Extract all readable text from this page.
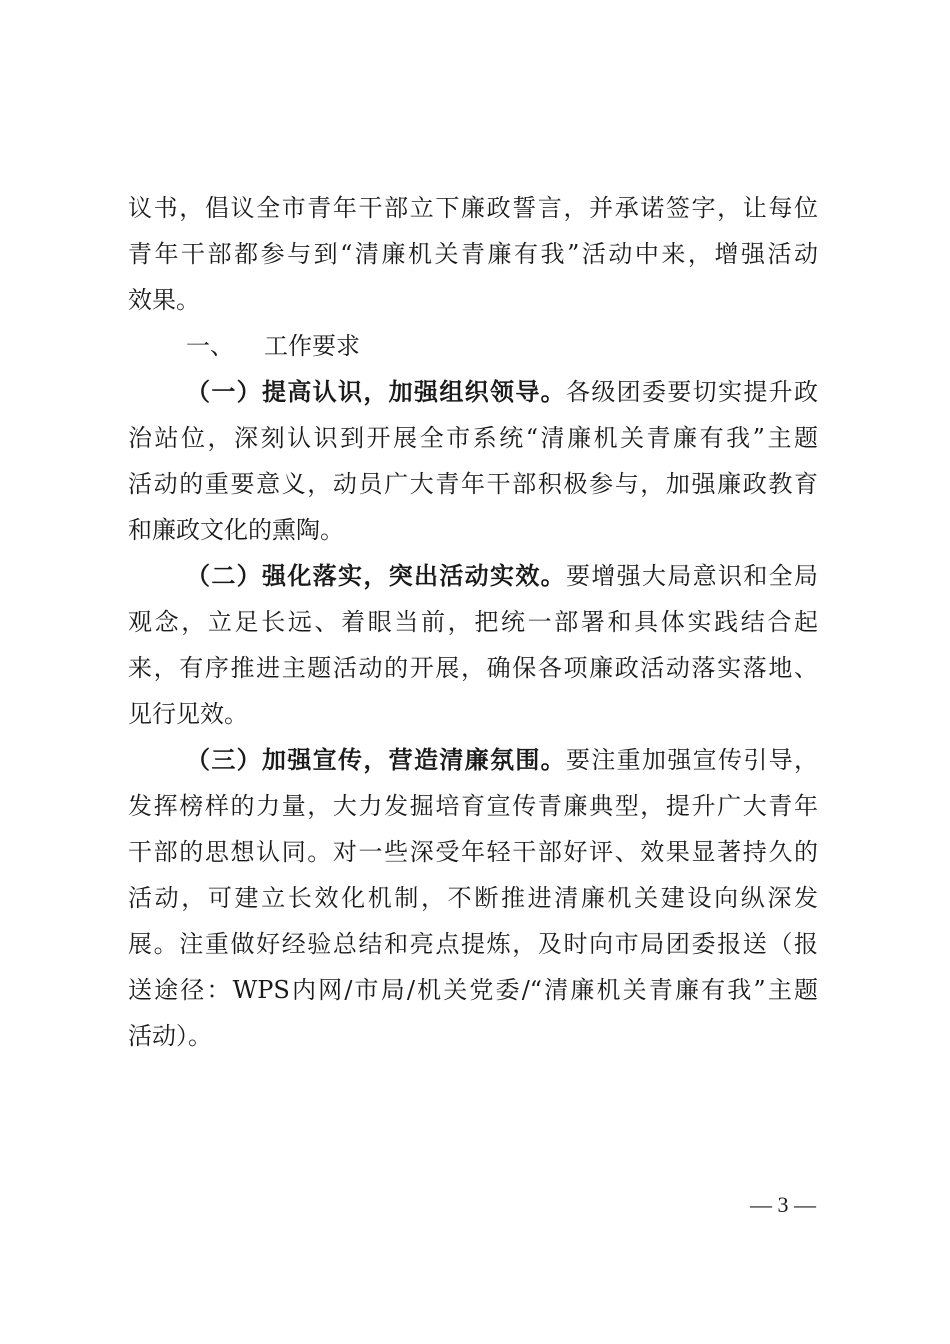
议书，倡议全市青年干部立下廉政誓言，并承诺签字，让每位
青年干部都参与到“清廉机关青廉有我”活动中来，增强活动
效果。
一、 工作要求
（一）提高认识，加强组织领导。各级团委要切实提升政
治站位，深刻认识到开展全市系统“清廉机关青廉有我”主题
活动的重要意义，动员广大青年干部积极参与，加强廉政教育
和廉政文化的熏陶。
（二）强化落实，突出活动实效。要增强大局意识和全局
观念，立足长远、着眼当前，把统一部署和具体实践结合起
来，有序推进主题活动的开展，确保各项廉政活动落实落地、
见行见效。
（三）加强宣传，营造清廉氛围。要注重加强宣传引导，
发挥榜样的力量，大力发掘培育宣传青廉典型，提升广大青年
干部的思想认同。对一些深受年轻干部好评、效果显著持久的
活动，可建立长效化机制，不断推进清廉机关建设向纵深发
展。注重做好经验总结和亮点提炼，及时向市局团委报送（报
送途径：WPS内网/市局/机关党委/“清廉机关青廉有我”主题
活动）。
— 3 —
